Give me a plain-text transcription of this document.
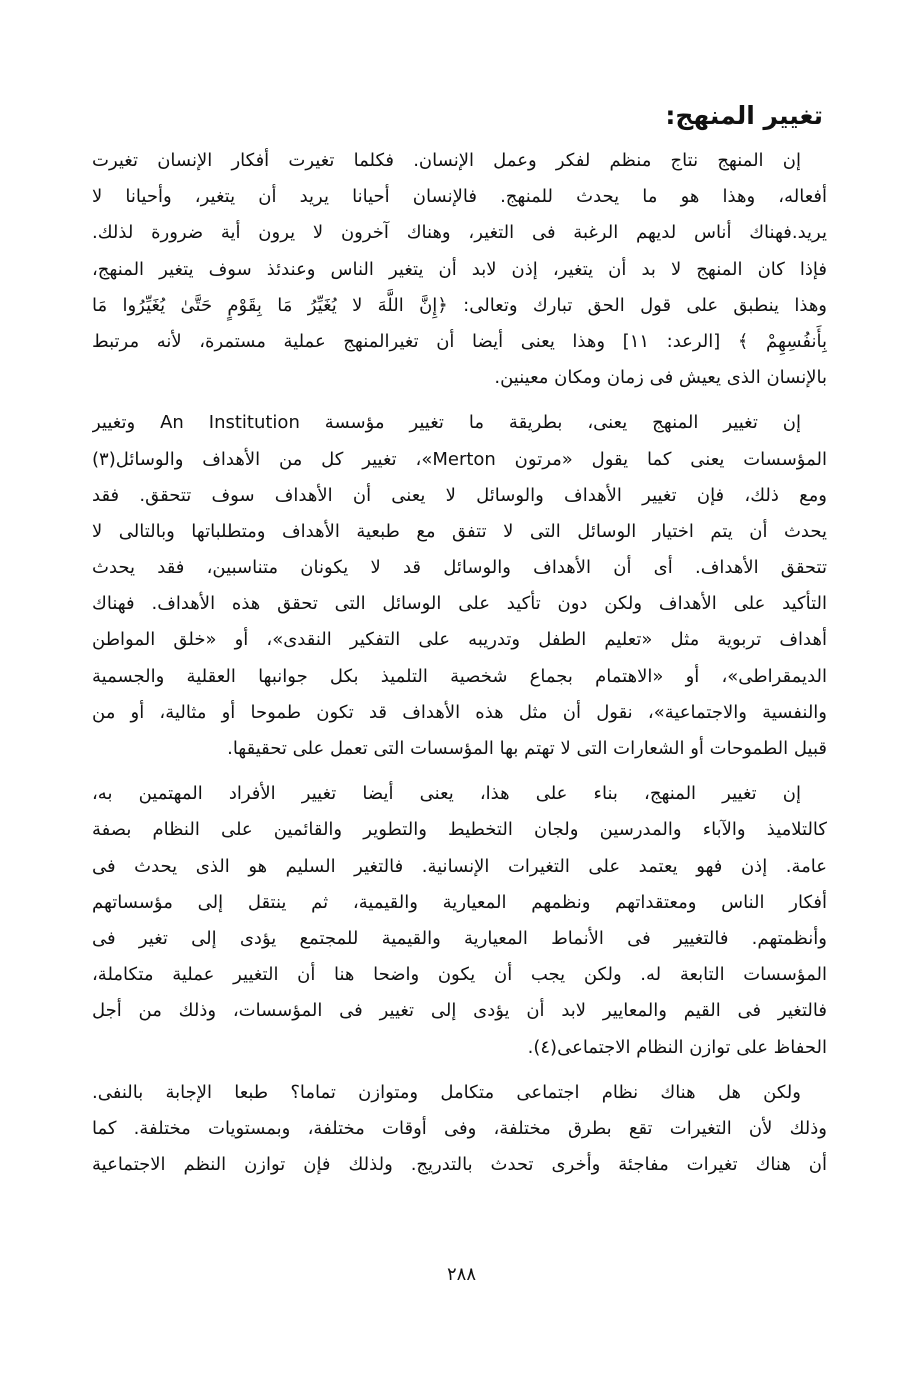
تغيير المنهج:
إن المنهج نتاج منظم لفكر وعمل الإنسان. فكلما تغيرت أفكار الإنسان تغيرت
أفعاله، وهذا هو ما يحدث للمنهج. فالإنسان أحيانا يريد أن يتغير، وأحيانا لا
يريد.فهناك أناس لديهم الرغبة فى التغير، وهناك آخرون لا يرون أية ضرورة لذلك.
فإذا كان المنهج لا بد أن يتغير، إذن لابد أن يتغير الناس وعندئذ سوف يتغير المنهج،
وهذا ينطبق على قول الحق تبارك وتعالى: ﴿إِنَّ اللَّهَ لا يُغَيِّرُ مَا بِقَوْمٍ حَتَّىٰ يُغَيِّرُوا مَا
بِأَنفُسِهِمْ ﴾ [الرعد: ١١] وهذا يعنى أيضا أن تغيرالمنهج عملية مستمرة، لأنه مرتبط
بالإنسان الذى يعيش فى زمان ومكان معينين.
إن تغيير المنهج يعنى، بطريقة ما تغيير مؤسسة An Institution وتغيير
المؤسسات يعنى كما يقول «مرتون Merton»، تغيير كل من الأهداف والوسائل(٣)
ومع ذلك، فإن تغيير الأهداف والوسائل لا يعنى أن الأهداف سوف تتحقق. فقد
يحدث أن يتم اختيار الوسائل التى لا تتفق مع طبعية الأهداف ومتطلباتها وبالتالى لا
تتحقق الأهداف. أى أن الأهداف والوسائل قد لا يكونان متناسبين، فقد يحدث
التأكيد على الأهداف ولكن دون تأكيد على الوسائل التى تحقق هذه الأهداف. فهناك
أهداف تربوية مثل «تعليم الطفل وتدريبه على التفكير النقدى»، أو «خلق المواطن
الديمقراطى»، أو «الاهتمام بجماع شخصية التلميذ بكل جوانبها العقلية والجسمية
والنفسية والاجتماعية»، نقول أن مثل هذه الأهداف قد تكون طموحا أو مثالية، أو من
قبيل الطموحات أو الشعارات التى لا تهتم بها المؤسسات التى تعمل على تحقيقها.
إن تغيير المنهج، بناء على هذا، يعنى أيضا تغيير الأفراد المهتمين به،
كالتلاميذ والآباء والمدرسين ولجان التخطيط والتطوير والقائمين على النظام بصفة
عامة. إذن فهو يعتمد على التغيرات الإنسانية. فالتغير السليم هو الذى يحدث فى
أفكار الناس ومعتقداتهم ونظمهم المعيارية والقيمية، ثم ينتقل إلى مؤسساتهم
وأنظمتهم. فالتغيير فى الأنماط المعيارية والقيمية للمجتمع يؤدى إلى تغير فى
المؤسسات التابعة له. ولكن يجب أن يكون واضحا هنا أن التغيير عملية متكاملة،
فالتغير فى القيم والمعايير لابد أن يؤدى إلى تغيير فى المؤسسات، وذلك من أجل
الحفاظ على توازن النظام الاجتماعى(٤).
ولكن هل هناك نظام اجتماعى متكامل ومتوازن تماما؟ طبعا الإجابة بالنفى.
وذلك لأن التغيرات تقع بطرق مختلفة، وفى أوقات مختلفة، وبمستويات مختلفة. كما
أن هناك تغيرات مفاجئة وأخرى تحدث بالتدريج. ولذلك فإن توازن النظم الاجتماعية
٢٨٨
